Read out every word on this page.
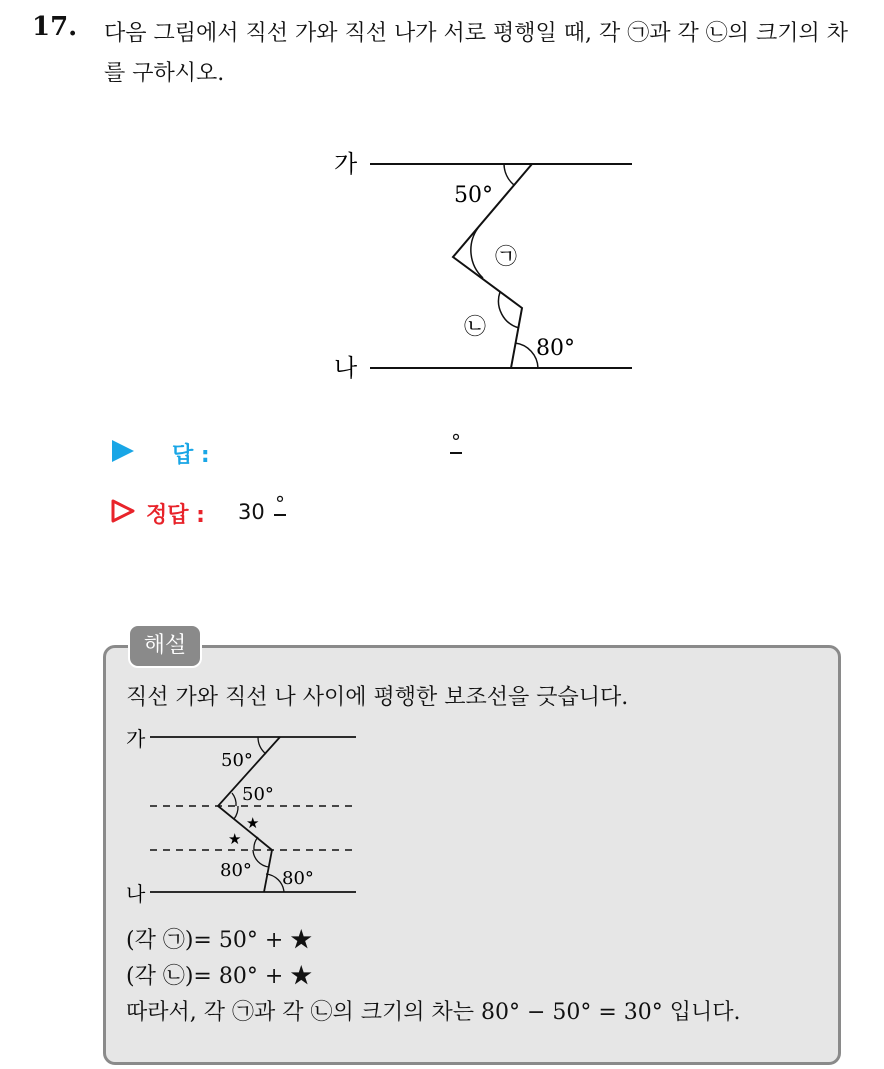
17. 다음 그림에서 직선 가와 직선 나가 서로 평행일 때, 각 ㉠과 각 ㉡의 크기의 차를 구하시오.
가
나
50°
80°
㉠
㉡
답 :
°
정답 : 30 °
해설
직선 가와 직선 나 사이에 평행한 보조선을 긋습니다.
가
나
50°
50°
80° 80°
★
★
(각 ㉠)= 50° + ★
(각 ㉡)= 80° + ★
따라서, 각 ㉠과 각 ㉡의 크기의 차는 80° − 50° = 30° 입니다.
